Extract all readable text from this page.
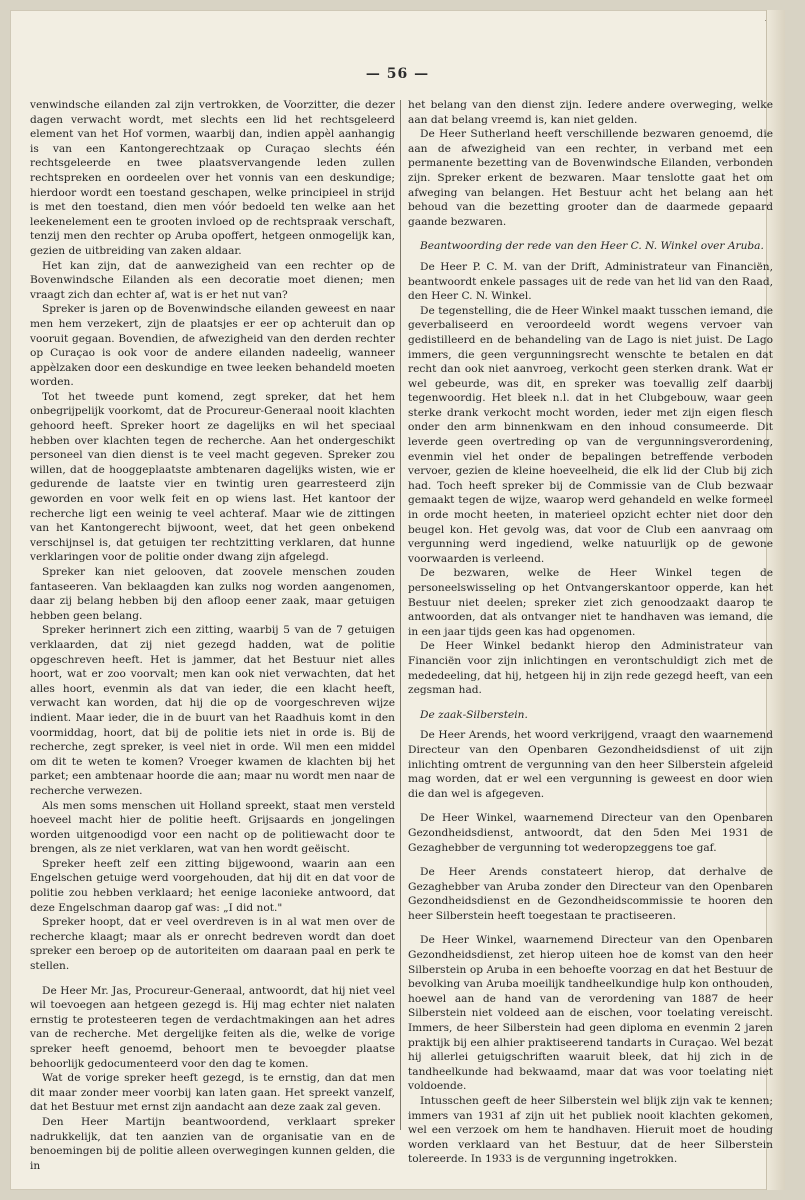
— 56 —

venwindsche eilanden zal zijn vertrokken, de Voorzitter, die dezer dagen verwacht wordt, met slechts een lid het rechtsgeleerd element van het Hof vormen, waarbij dan, indien appèl aanhangig is van een Kantongerechtzaak op Curaçao slechts één rechtsgeleerde en twee plaatsvervangende leden zullen rechtspreken en oordeelen over het vonnis van een deskundige; hierdoor wordt een toestand geschapen, welke principieel in strijd is met den toestand, dien men vóór bedoeld ten welke aan het leekenelement een te grooten invloed op de rechtspraak verschaft, tenzij men den rechter op Aruba opoffert, hetgeen onmogelijk kan, gezien de uitbreiding van zaken aldaar.

Het kan zijn, dat de aanwezigheid van een rechter op de Bovenwindsche Eilanden als een decoratie moet dienen; men vraagt zich dan echter af, wat is er het nut van?

Spreker is jaren op de Bovenwindsche eilanden geweest en naar men hem verzekert, zijn de plaatsjes er eer op achteruit dan op vooruit gegaan. Bovendien, de afwezigheid van den derden rechter op Curaçao is ook voor de andere eilanden nadeelig, wanneer appèlzaken door een deskundige en twee leeken behandeld moeten worden.

Tot het tweede punt komend, zegt spreker, dat het hem onbegrijpelijk voorkomt, dat de Procureur-Generaal nooit klachten gehoord heeft. Spreker hoort ze dagelijks en wil het speciaal hebben over klachten tegen de recherche. Aan het ondergeschikt personeel van dien dienst is te veel macht gegeven. Spreker zou willen, dat de hooggeplaatste ambtenaren dagelijks wisten, wie er gedurende de laatste vier en twintig uren gearresteerd zijn geworden en voor welk feit en op wiens last. Het kantoor der recherche ligt een weinig te veel achteraf. Maar wie de zittingen van het Kantongerecht bijwoont, weet, dat het geen onbekend verschijnsel is, dat getuigen ter rechtzitting verklaren, dat hunne verklaringen voor de politie onder dwang zijn afgelegd.

Spreker kan niet gelooven, dat zoovele menschen zouden fantaseeren. Van beklaagden kan zulks nog worden aangenomen, daar zij belang hebben bij den afloop eener zaak, maar getuigen hebben geen belang.

Spreker herinnert zich een zitting, waarbij 5 van de 7 getuigen verklaarden, dat zij niet gezegd hadden, wat de politie opgeschreven heeft. Het is jammer, dat het Bestuur niet alles hoort, wat er zoo voorvalt; men kan ook niet verwachten, dat het alles hoort, evenmin als dat van ieder, die een klacht heeft, verwacht kan worden, dat hij die op de voorgeschreven wijze indient. Maar ieder, die in de buurt van het Raadhuis komt in den voormiddag, hoort, dat bij de politie iets niet in orde is. Bij de recherche, zegt spreker, is veel niet in orde. Wil men een middel om dit te weten te komen? Vroeger kwamen de klachten bij het parket; een ambtenaar hoorde die aan; maar nu wordt men naar de recherche verwezen.

Als men soms menschen uit Holland spreekt, staat men versteld hoeveel macht hier de politie heeft. Grijsaards en jongelingen worden uitgenoodigd voor een nacht op de politiewacht door te brengen, als ze niet verklaren, wat van hen wordt geëischt.

Spreker heeft zelf een zitting bijgewoond, waarin aan een Engelschen getuige werd voorgehouden, dat hij dit en dat voor de politie zou hebben verklaard; het eenige laconieke antwoord, dat deze Engelschman daarop gaf was: „I did not."

Spreker hoopt, dat er veel overdreven is in al wat men over de recherche klaagt; maar als er onrecht bedreven wordt dan doet spreker een beroep op de autoriteiten om daaraan paal en perk te stellen.

De Heer Mr. Jas, Procureur-Generaal, antwoordt, dat hij niet veel wil toevoegen aan hetgeen gezegd is. Hij mag echter niet nalaten ernstig te protesteeren tegen de verdachtmakingen aan het adres van de recherche. Met dergelijke feiten als die, welke de vorige spreker heeft genoemd, behoort men te bevoegder plaatse behoorlijk gedocumenteerd voor den dag te komen.

Wat de vorige spreker heeft gezegd, is te ernstig, dan dat men dit maar zonder meer voorbij kan laten gaan. Het spreekt vanzelf, dat het Bestuur met ernst zijn aandacht aan deze zaak zal geven.

Den Heer Martijn beantwoordend, verklaart spreker nadrukkelijk, dat ten aanzien van de organisatie van en de benoemingen bij de politie alleen overwegingen kunnen gelden, die in

het belang van den dienst zijn. Iedere andere overweging, welke aan dat belang vreemd is, kan niet gelden.

De Heer Sutherland heeft verschillende bezwaren genoemd, die aan de afwezigheid van een rechter, in verband met een permanente bezetting van de Bovenwindsche Eilanden, verbonden zijn. Spreker erkent de bezwaren. Maar tenslotte gaat het om afweging van belangen. Het Bestuur acht het belang aan het behoud van die bezetting grooter dan de daarmede gepaard gaande bezwaren.

Beantwoording der rede van den Heer C. N. Winkel over Aruba.

De Heer P. C. M. van der Drift, Administrateur van Financiën, beantwoordt enkele passages uit de rede van het lid van den Raad, den Heer C. N. Winkel.

De tegenstelling, die de Heer Winkel maakt tusschen iemand, die geverbaliseerd en veroordeeld wordt wegens vervoer van gedistilleerd en de behandeling van de Lago is niet juist. De Lago immers, die geen vergunningsrecht wenschte te betalen en dat recht dan ook niet aanvroeg, verkocht geen sterken drank. Wat er wel gebeurde, was dit, en spreker was toevallig zelf daarbij tegenwoordig. Het bleek n.l. dat in het Clubgebouw, waar geen sterke drank verkocht mocht worden, ieder met zijn eigen flesch onder den arm binnenkwam en den inhoud consumeerde. Dit leverde geen overtreding op van de vergunningsverordening, evenmin viel het onder de bepalingen betreffende verboden vervoer, gezien de kleine hoeveelheid, die elk lid der Club bij zich had. Toch heeft spreker bij de Commissie van de Club bezwaar gemaakt tegen de wijze, waarop werd gehandeld en welke formeel in orde mocht heeten, in materieel opzicht echter niet door den beugel kon. Het gevolg was, dat voor de Club een aanvraag om vergunning werd ingediend, welke natuurlijk op de gewone voorwaarden is verleend.

De bezwaren, welke de Heer Winkel tegen de personeelswisseling op het Ontvangerskantoor opperde, kan het Bestuur niet deelen; spreker ziet zich genoodzaakt daarop te antwoorden, dat als ontvanger niet te handhaven was iemand, die in een jaar tijds geen kas had opgenomen.

De Heer Winkel bedankt hierop den Administrateur van Financiën voor zijn inlichtingen en verontschuldigt zich met de mededeeling, dat hij, hetgeen hij in zijn rede gezegd heeft, van een zegsman had.

De zaak-Silberstein.

De Heer Arends, het woord verkrijgend, vraagt den waarnemend Directeur van den Openbaren Gezondheidsdienst of uit zijn inlichting omtrent de vergunning van den heer Silberstein afgeleid mag worden, dat er wel een vergunning is geweest en door wien die dan wel is afgegeven.

De Heer Winkel, waarnemend Directeur van den Openbaren Gezondheidsdienst, antwoordt, dat den 5den Mei 1931 de Gezaghebber de vergunning tot wederopzeggens toe gaf.

De Heer Arends constateert hierop, dat derhalve de Gezaghebber van Aruba zonder den Directeur van den Openbaren Gezondheidsdienst en de Gezondheidscommissie te hooren den heer Silberstein heeft toegestaan te practiseeren.

De Heer Winkel, waarnemend Directeur van den Openbaren Gezondheidsdienst, zet hierop uiteen hoe de komst van den heer Silberstein op Aruba in een behoefte voorzag en dat het Bestuur de bevolking van Aruba moeilijk tandheelkundige hulp kon onthouden, hoewel aan de hand van de verordening van 1887 de heer Silberstein niet voldeed aan de eischen, voor toelating vereischt. Immers, de heer Silberstein had geen diploma en evenmin 2 jaren praktijk bij een alhier praktiseerend tandarts in Curaçao. Wel bezat hij allerlei getuigschriften waaruit bleek, dat hij zich in de tandheelkunde had bekwaamd, maar dat was voor toelating niet voldoende.

Intusschen geeft de heer Silberstein wel blijk zijn vak te kennen; immers van 1931 af zijn uit het publiek nooit klachten gekomen, wel een verzoek om hem te handhaven. Hieruit moet de houding worden verklaard van het Bestuur, dat de heer Silberstein tolereerde. In 1933 is de vergunning ingetrokken.
